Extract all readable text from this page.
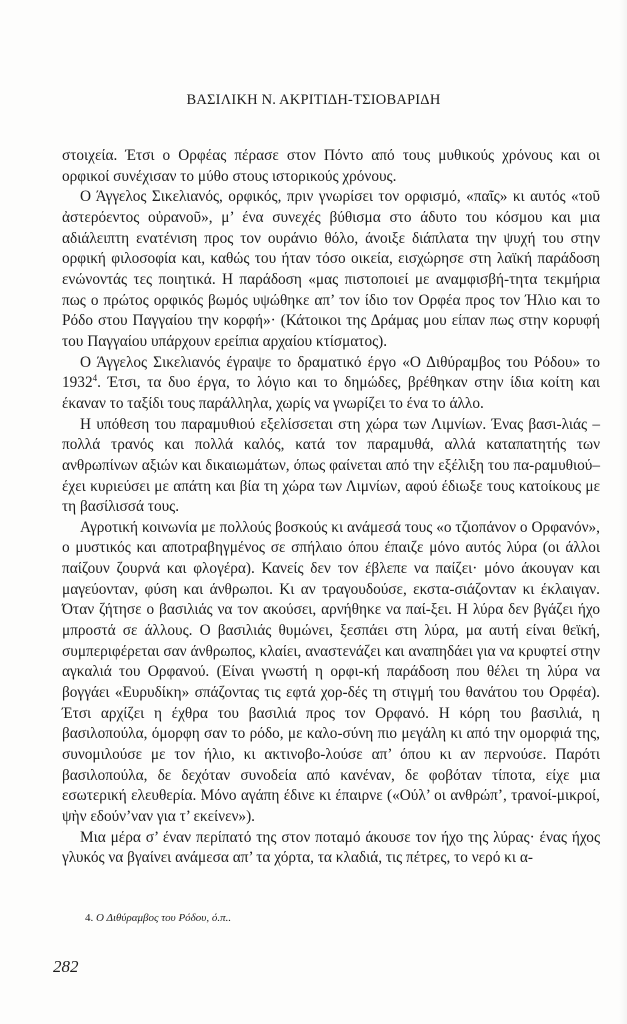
ΒΑΣΙΛΙΚΗ Ν. ΑΚΡΙΤΙΔΗ-ΤΣΙΟΒΑΡΙΔΗ

στοιχεία. Έτσι ο Ορφέας πέρασε στον Πόντο από τους μυθικούς χρόνους και οι ορφικοί συνέχισαν το μύθο στους ιστορικούς χρόνους.

Ο Άγγελος Σικελιανός, ορφικός, πριν γνωρίσει τον ορφισμό, «παῖς» κι αυτός «τοῦ ἀστερόεντος οὐρανοῦ», μ’ ένα συνεχές βύθισμα στο άδυτο του κόσμου και μια αδιάλειπτη ενατένιση προς τον ουράνιο θόλο, άνοιξε διάπλατα την ψυχή του στην ορφική φιλοσοφία και, καθώς του ήταν τόσο οικεία, εισχώρησε στη λαϊκή παράδοση ενώνοντάς τες ποιητικά. Η παράδοση «μας πιστοποιεί με αναμφισβή-τητα τεκμήρια πως ο πρώτος ορφικός βωμός υψώθηκε απ’ τον ίδιο τον Ορφέα προς τον Ήλιο και το Ρόδο στου Παγγαίου την κορφή»· (Κάτοικοι της Δράμας μου είπαν πως στην κορυφή του Παγγαίου υπάρχουν ερείπια αρχαίου κτίσματος).

Ο Άγγελος Σικελιανός έγραψε το δραματικό έργο «Ο Διθύραμβος του Ρόδου» το 1932$^4$. Έτσι, τα δυο έργα, το λόγιο και το δημώδες, βρέθηκαν στην ίδια κοίτη και έκαναν το ταξίδι τους παράλληλα, χωρίς να γνωρίζει το ένα το άλλο.

Η υπόθεση του παραμυθιού εξελίσσεται στη χώρα των Λιμνίων. Ένας βασι-λιάς –πολλά τρανός και πολλά καλός, κατά τον παραμυθά, αλλά καταπατητής των ανθρωπίνων αξιών και δικαιωμάτων, όπως φαίνεται από την εξέλιξη του πα-ραμυθιού– έχει κυριεύσει με απάτη και βία τη χώρα των Λιμνίων, αφού έδιωξε τους κατοίκους με τη βασίλισσά τους.

Αγροτική κοινωνία με πολλούς βοσκούς κι ανάμεσά τους «ο τζιοπάνον ο Ορφανόν», ο μυστικός και αποτραβηγμένος σε σπήλαιο όπου έπαιζε μόνο αυτός λύρα (οι άλλοι παίζουν ζουρνά και φλογέρα). Κανείς δεν τον έβλεπε να παίζει· μόνο άκουγαν και μαγεύονταν, φύση και άνθρωποι. Κι αν τραγουδούσε, εκστα-σιάζονταν κι έκλαιγαν. Όταν ζήτησε ο βασιλιάς να τον ακούσει, αρνήθηκε να παί-ξει. Η λύρα δεν βγάζει ήχο μπροστά σε άλλους. Ο βασιλιάς θυμώνει, ξεσπάει στη λύρα, μα αυτή είναι θεϊκή, συμπεριφέρεται σαν άνθρωπος, κλαίει, αναστενάζει και αναπηδάει για να κρυφτεί στην αγκαλιά του Ορφανού. (Είναι γνωστή η ορφι-κή παράδοση που θέλει τη λύρα να βογγάει «Ευρυδίκη» σπάζοντας τις εφτά χορ-δές τη στιγμή του θανάτου του Ορφέα). Έτσι αρχίζει η έχθρα του βασιλιά προς τον Ορφανό. Η κόρη του βασιλιά, η βασιλοπούλα, όμορφη σαν το ρόδο, με καλο-σύνη πιο μεγάλη κι από την ομορφιά της, συνομιλούσε με τον ήλιο, κι ακτινοβο-λούσε απ’ όπου κι αν περνούσε. Παρότι βασιλοπούλα, δε δεχόταν συνοδεία από κανέναν, δε φοβόταν τίποτα, είχε μια εσωτερική ελευθερία. Μόνο αγάπη έδινε κι έπαιρνε («Ούλ’ οι ανθρώπ’, τρανοί-μικροί, ψὴν εδούν’ναν για τ’ εκείνεν»).

Μια μέρα σ’ έναν περίπατό της στον ποταμό άκουσε τον ήχο της λύρας· ένας ήχος γλυκός να βγαίνει ανάμεσα απ’ τα χόρτα, τα κλαδιά, τις πέτρες, το νερό κι α-

4. Ο Διθύραμβος του Ρόδου, ό.π..
282
